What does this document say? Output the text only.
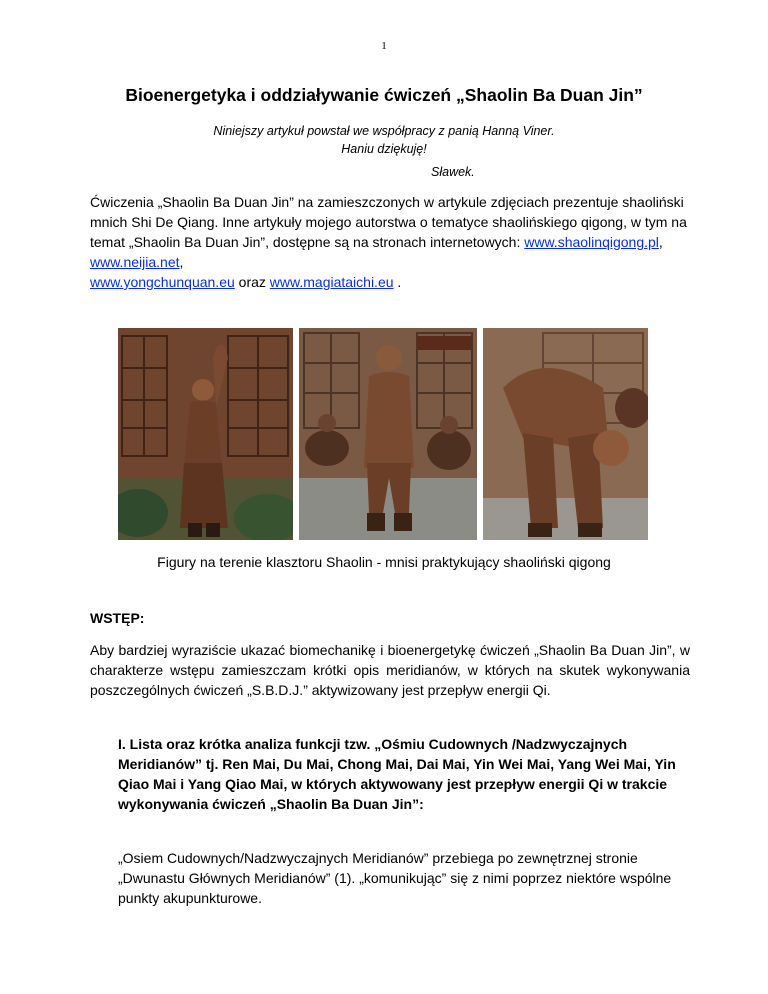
1
Bioenergetyka i oddziaływanie ćwiczeń „Shaolin Ba Duan Jin”
Niniejszy artykuł powstał we współpracy z panią Hanną Viner.
Haniu dziękuję!
Sławek.

Ćwiczenia „Shaolin Ba Duan Jin” na zamieszczonych w artykule zdjęciach prezentuje shaoliński mnich Shi De Qiang. Inne artykuły mojego autorstwa o tematyce shaolińskiego qigong, w tym na temat „Shaolin Ba Duan Jin”, dostępne są na stronach internetowych: www.shaolinqigong.pl, www.neijia.net,
www.yongchunquan.eu oraz www.magiataichi.eu .

Figury na terenie klasztoru Shaolin - mnisi praktykujący shaoliński qigong
WSTĘP:

Aby bardziej wyraziście ukazać biomechanikę i bioenergetykę ćwiczeń „Shaolin Ba Duan Jin”, w charakterze wstępu zamieszczam krótki opis meridianów, w których na skutek wykonywania poszczególnych ćwiczeń „S.B.D.J.” aktywizowany jest przepływ energii Qi.

I. Lista oraz krótka analiza funkcji tzw. „Ośmiu Cudownych /Nadzwyczajnych Meridianów” tj. Ren Mai, Du Mai, Chong Mai, Dai Mai, Yin Wei Mai, Yang Wei Mai, Yin Qiao Mai i Yang Qiao Mai, w których aktywowany jest przepływ energii Qi w trakcie wykonywania ćwiczeń „Shaolin Ba Duan Jin”:

„Osiem Cudownych/Nadzwyczajnych Meridianów” przebiega po zewnętrznej stronie „Dwunastu Głównych Meridianów” (1). „komunikując” się z nimi poprzez niektóre wspólne punkty akupunkturowe.
